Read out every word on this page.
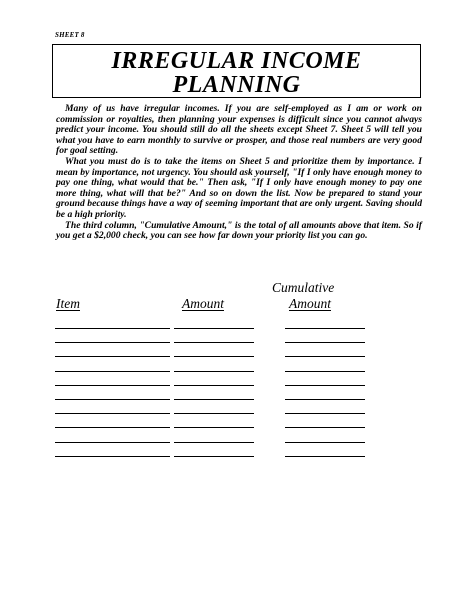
SHEET 8
IRREGULAR INCOME
PLANNING

Many of us have irregular incomes. If you are self-employed as I am or work on commission or royalties, then planning your expenses is difficult since you cannot always predict your income. You should still do all the sheets except Sheet 7. Sheet 5 will tell you what you have to earn monthly to survive or prosper, and those real numbers are very good for goal setting.

What you must do is to take the items on Sheet 5 and prioritize them by importance. I mean by importance, not urgency. You should ask yourself, "If I only have enough money to pay one thing, what would that be." Then ask, "If I only have enough money to pay one more thing, what will that be?" And so on down the list. Now be prepared to stand your ground because things have a way of seeming important that are only urgent. Saving should be a high priority.

The third column, "Cumulative Amount," is the total of all amounts above that item. So if you get a $2,000 check, you can see how far down your priority list you can go.

Item	Amount
Cumulative
Amount
